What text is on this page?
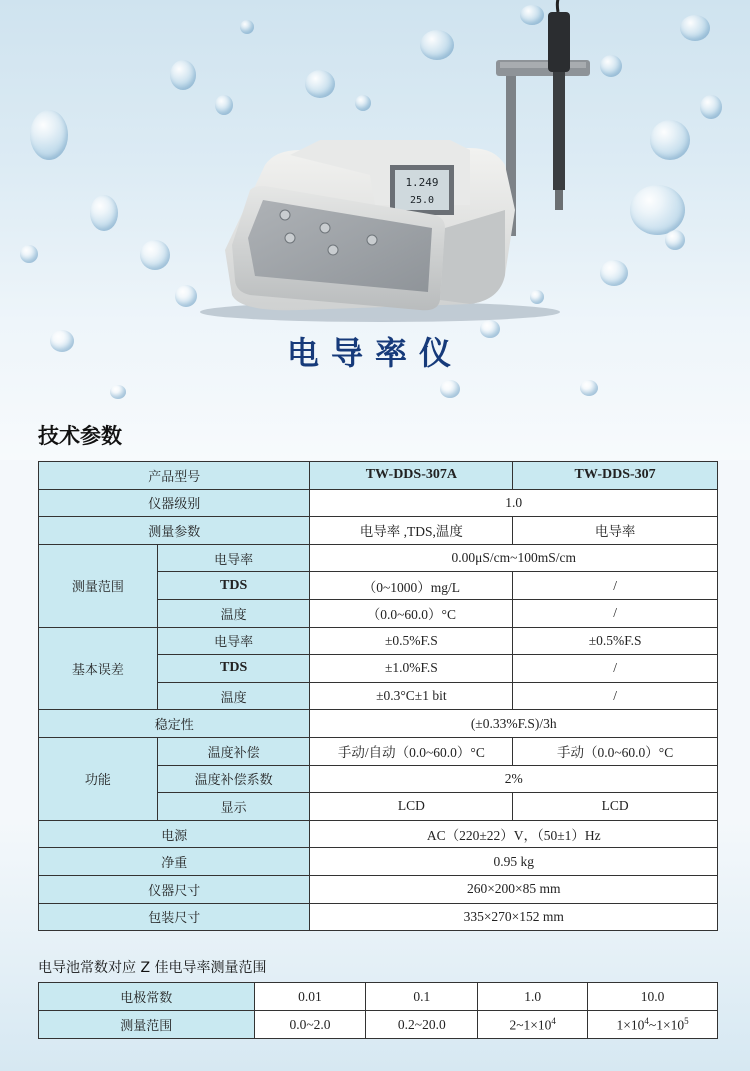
1.249
25.0
电导率仪
技术参数
产品型号		TW-DDS-307A	TW-DDS-307
仪器级别		1.0	
测量参数		电导率 ,TDS,温度	电导率
测量范围	电导率	0.00μS/cm~100mS/cm	
	TDS	（0~1000）mg/L	/
	温度	（0.0~60.0）°C	/
基本误差	电导率	±0.5%F.S	±0.5%F.S
	TDS	±1.0%F.S	/
	温度	±0.3°C±1 bit	/
稳定性		(±0.33%F.S)/3h	
功能	温度补偿	手动/自动（0.0~60.0）°C	手动（0.0~60.0）°C
	温度补偿系数	2%	
	显示	LCD	LCD
电源		AC（220±22）V，（50±1）Hz	
净重		0.95 kg	
仪器尺寸		260×200×85 mm	
包装尺寸		335×270×152 mm	
电导池常数对应 Z 佳电导率测量范围
电极常数	0.01	0.1	1.0	10.0
测量范围	0.0~2.0	0.2~20.0	$2\sim 1\times 10^4$	$1\times 10^4\sim 1\times 10^5$
